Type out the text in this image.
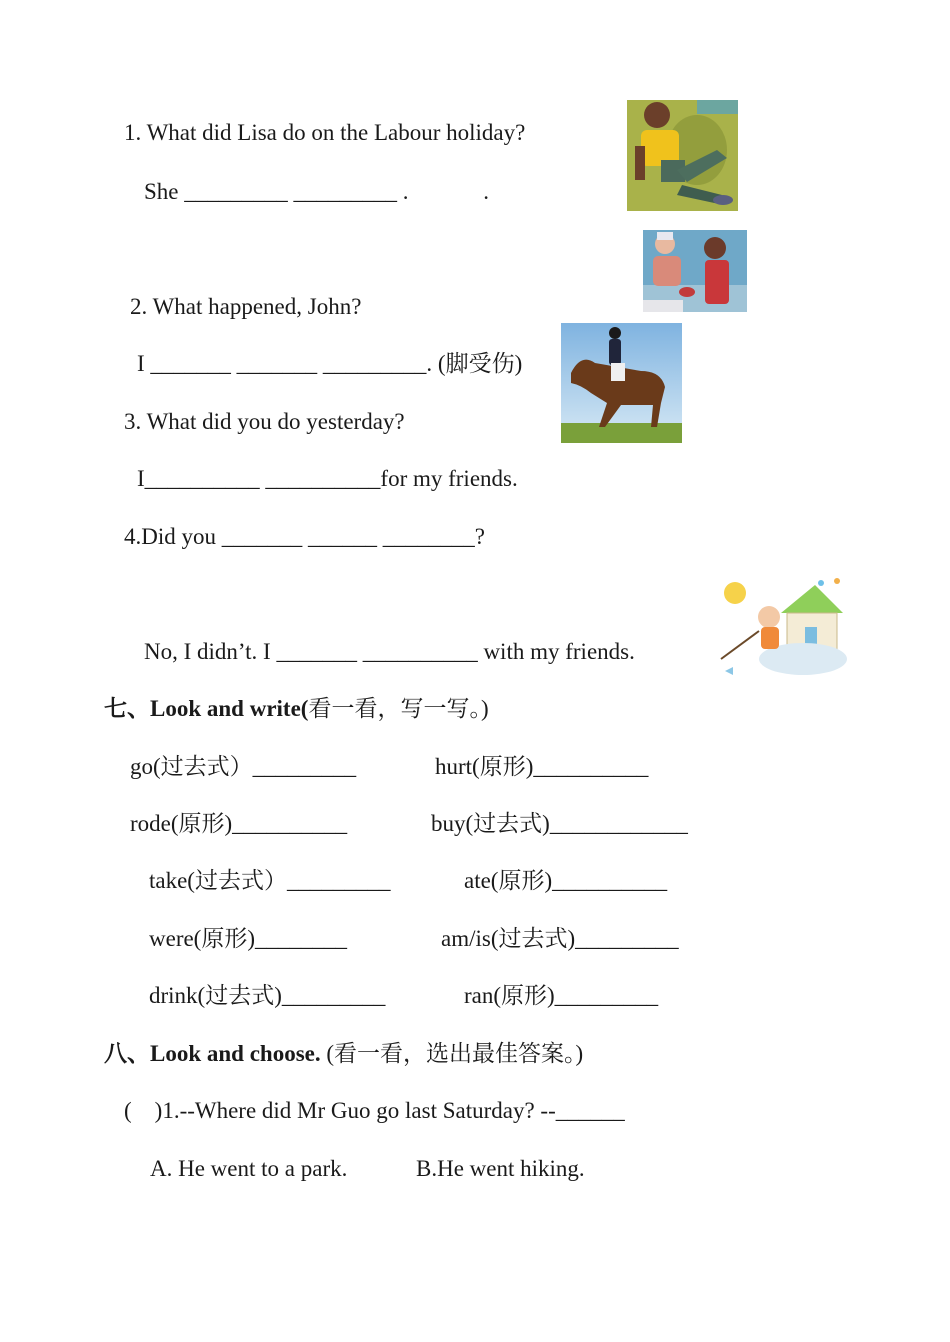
1. What did Lisa do on the Labour holiday?
She _________ _________ .             .
2. What happened, John?
I _______ _______ _________. (脚受伤)
3. What did you do yesterday?
I__________ __________for my friends.
4.Did you _______ ______ ________?
No, I didn’t. I _______ __________ with my friends.
七、Look and write(看一看，写一写。)
go(过去式）_________	hurt(原形)__________
rode(原形)__________	buy(过去式)____________
take(过去式）_________	ate(原形)__________
were(原形)________	am/is(过去式)_________
drink(过去式)_________	ran(原形)_________
八、Look and choose. (看一看，选出最佳答案。)
(    )1.--Where did Mr Guo go last Saturday? --______
A. He went to a park.	B.He went hiking.
